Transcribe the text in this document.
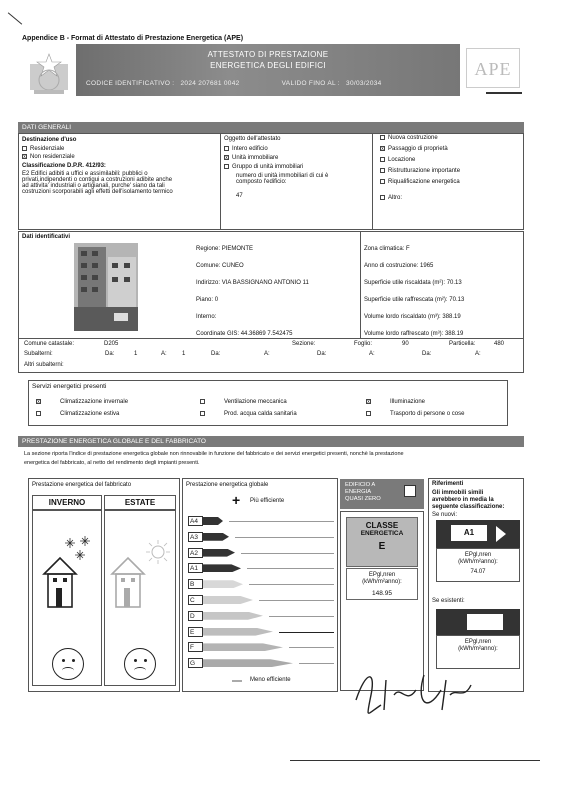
Appendice B - Format di Attestato di Prestazione Energetica (APE)
ATTESTATO DI PRESTAZIONE
ENERGETICA DEGLI EDIFICI
CODICE IDENTIFICATIVO : 2024 207681 0042	VALIDO FINO AL : 30/03/2034
APE
DATI GENERALI
Destinazione d'uso
Residenziale
x Non residenziale
Classificazione D.P.R. 412/93:
E2 Edifici adibiti a uffici e assimilabili: pubblici o
privati,indipendenti o contigui a costruzioni adibite anche
ad attivita' industriali o artigianali, purche' siano da tali
costruzioni scorporabili agli effetti dell'isolamento termico
Oggetto dell'attestato
Intero edificio
x Unità immobiliare
Gruppo di unità immobiliari
numero di unità immobiliari di cui è
composto l'edificio:
47
Nuova costruzione
x Passaggio di proprietà
Locazione
Ristrutturazione importante
Riqualificazione energetica
Altro:
Dati identificativi
Regione: PIEMONTE
Comune: CUNEO
Indirizzo: VIA BASSIGNANO ANTONIO 11
Piano: 0
Interno:
Coordinate GIS: 44.36869 7.542475
Zona climatica: F
Anno di costruzione: 1965
Superficie utile riscaldata (m²): 70.13
Superficie utile raffrescata (m²): 70.13
Volume lordo riscaldato (m³): 388.19
Volume lordo raffrescato (m³): 388.19
Comune catastale:	D205	Sezione:	Foglio:	90	Particella:	480
Subalterni:	Da:	1	A:	1	Da:	A:	Da:	A:	Da:	A:
Altri subalterni:
Servizi energetici presenti
x	Climatizzazione invernale
Climatizzazione estiva
Ventilazione meccanica
Prod. acqua calda sanitaria
x	Illuminazione
Trasporto di persone o cose
PRESTAZIONE ENERGETICA GLOBALE E DEL FABBRICATO
La sezione riporta l'indice di prestazione energetica globale non rinnovabile in funzione del fabbricato e dei servizi energetici presenti, nonchè la prestazione
energetica del fabbricato, al netto del rendimento degli impianti presenti.
Prestazione energetica del fabbricato
INVERNO	ESTATE
Prestazione energetica globale
+ Più efficiente
A4
A3
A2
A1
B
C
D
E
F
G
Meno efficiente
EDIFICIO A
ENERGIA
QUASI ZERO
CLASSE
ENERGETICA
E
EPgl,nren
(kWh/m²anno):
148.95
Riferimenti
Gli immobili simili
avrebbero in media la
seguente classificazione:
Se nuovi:
A1
EPgl,nren
(kWh/m²anno):
74.07
Se esistenti:
EPgl,nren
(kWh/m²anno):
